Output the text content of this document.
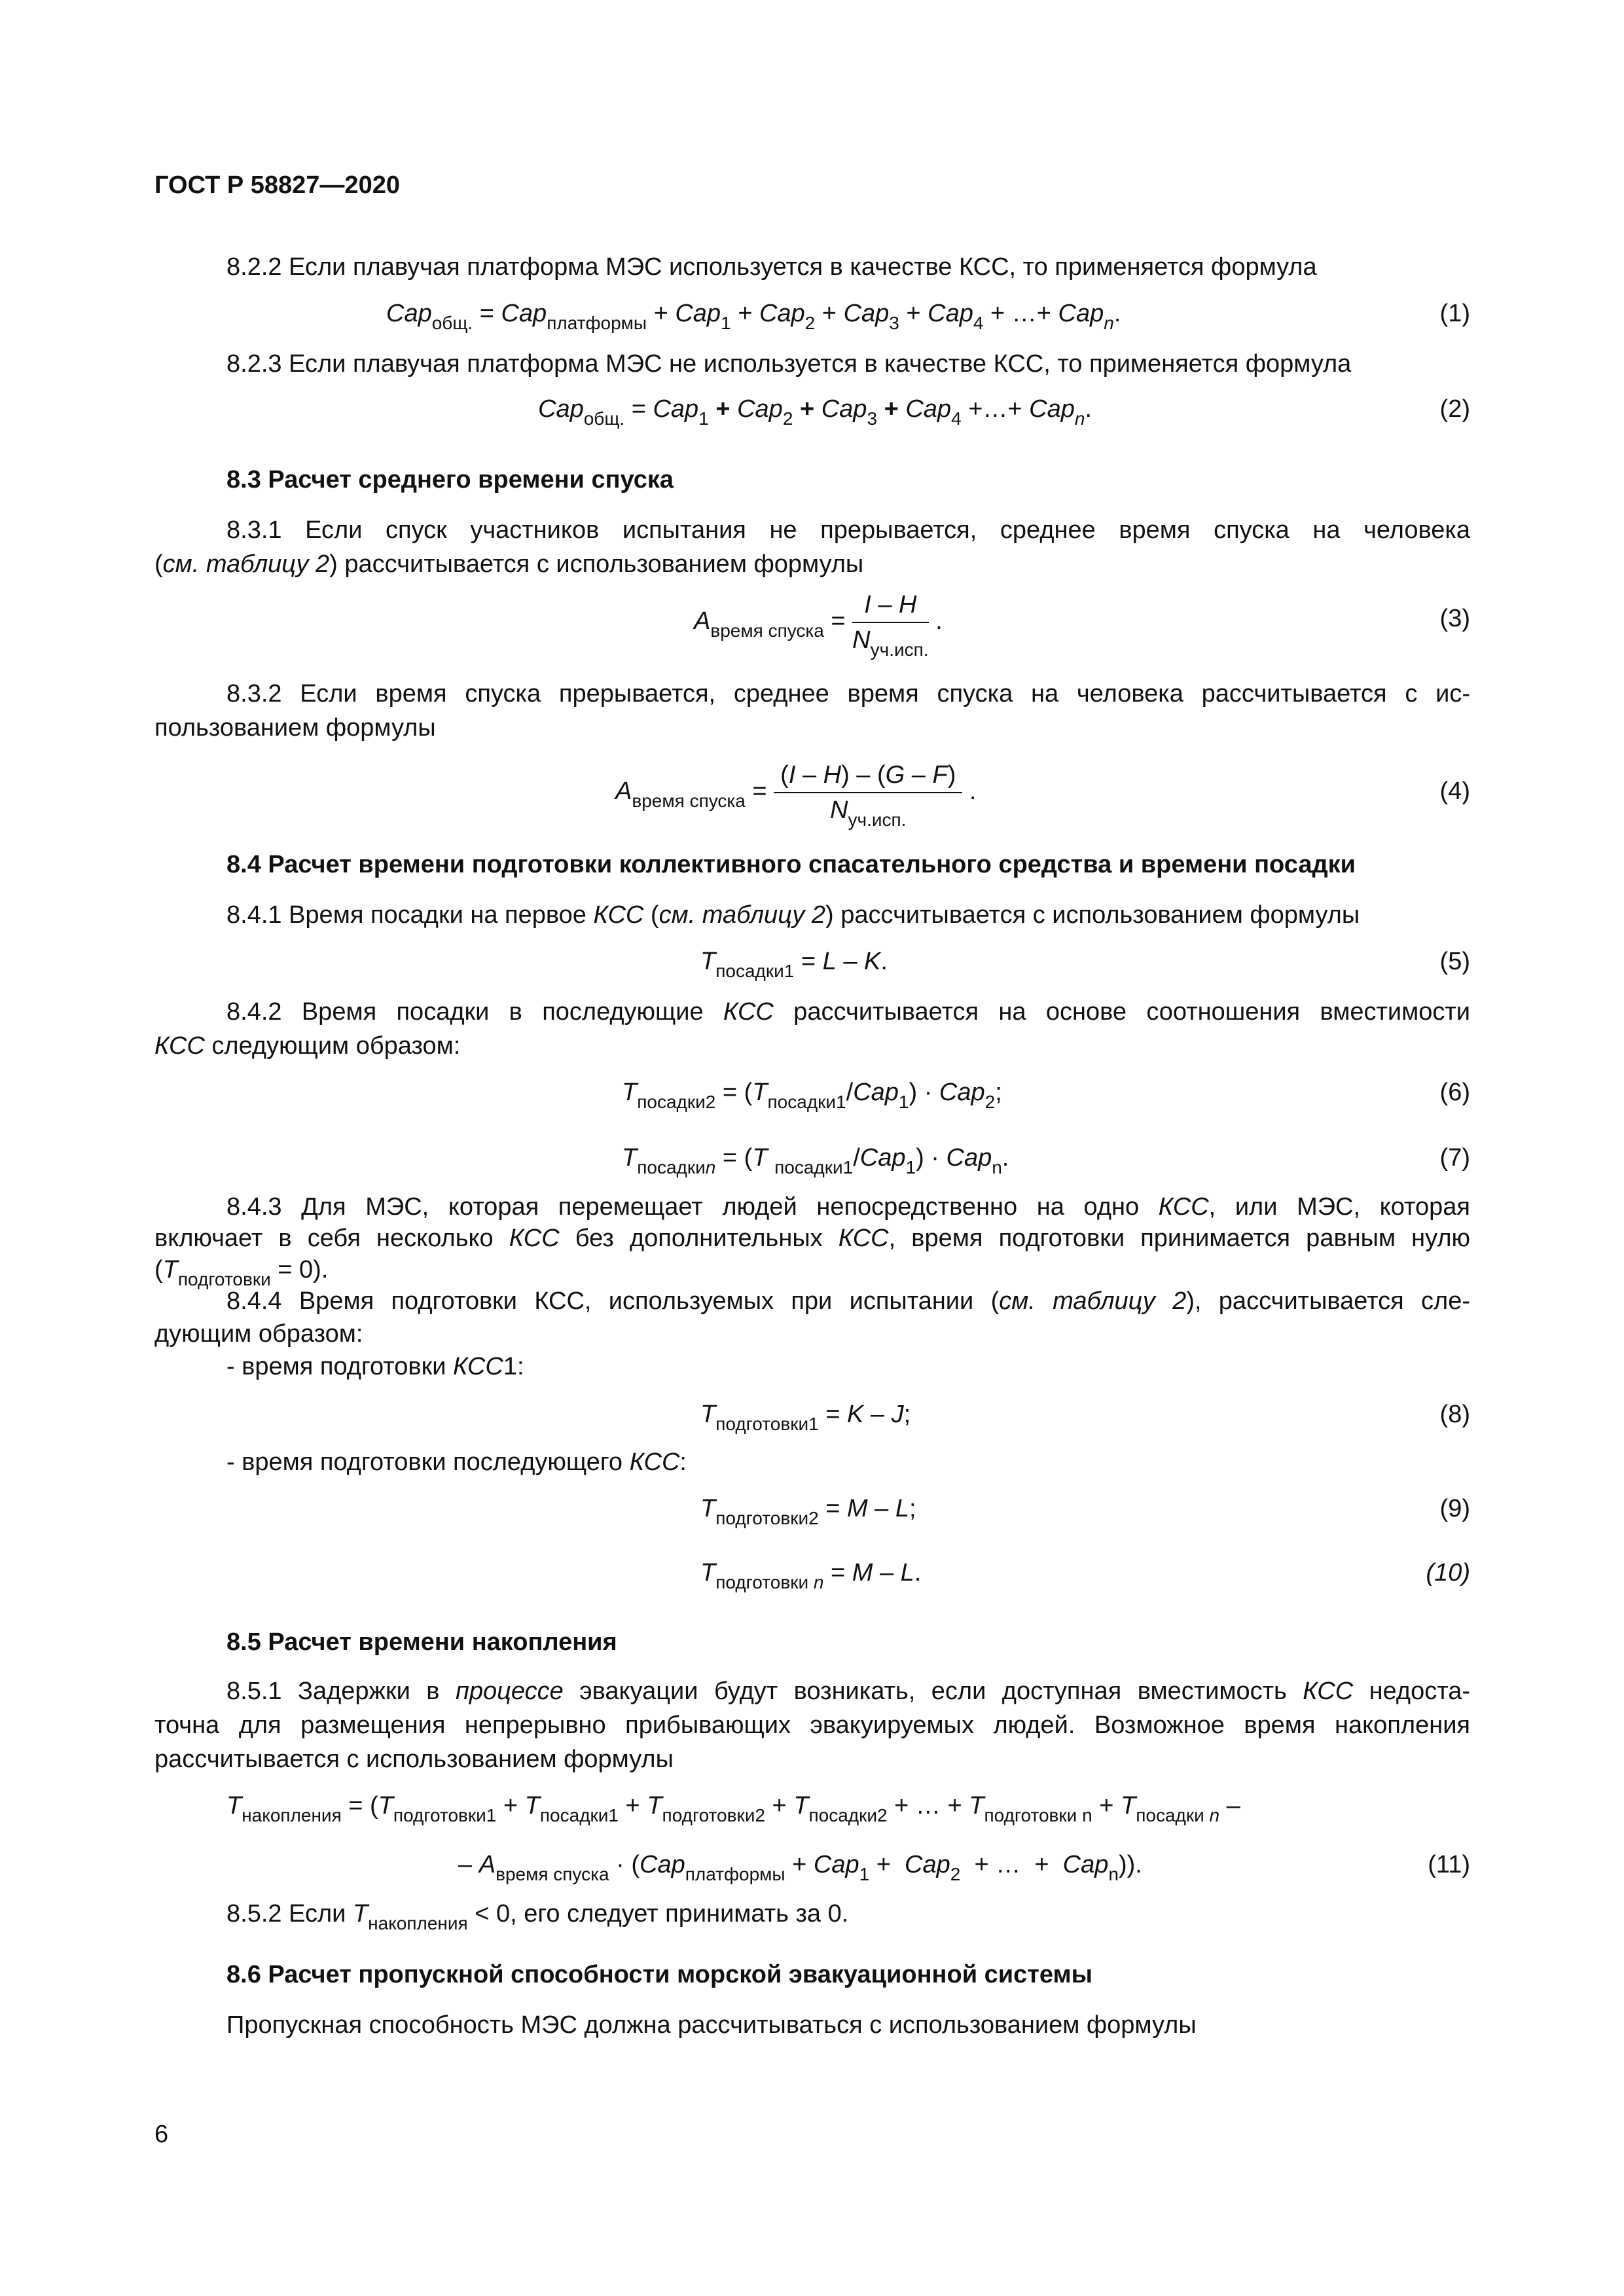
ГОСТ Р 58827—2020
8.2.2 Если плавучая платформа МЭС используется в качестве КСС, то применяется формула
Cap$_{общ.}$ = Cap$_{платформы}$ + Cap$_1$ + Cap$_2$ + Cap$_3$ + Cap$_4$ + …+ Cap$_n$.	(1)
8.2.3 Если плавучая платформа МЭС не используется в качестве КСС, то применяется формула
Cap$_{общ.}$ = Cap$_1$ + Cap$_2$ + Cap$_3$ + Cap$_4$ +…+ Cap$_n$.	(2)
8.3 Расчет среднего времени спуска
8.3.1 Если спуск участников испытания не прерывается, среднее время спуска на человека
(см. таблицу 2) рассчитывается с использованием формулы
$A_{время спуска} = \frac{I - H}{N_{уч.исп.}}$ .	(3)
8.3.2 Если время спуска прерывается, среднее время спуска на человека рассчитывается с ис-
пользованием формулы
$A_{время спуска} = \frac{(I - H) - (G - F)}{N_{уч.исп.}}$ .	(4)
8.4 Расчет времени подготовки коллективного спасательного средства и времени посадки
8.4.1 Время посадки на первое КСС (см. таблицу 2) рассчитывается с использованием формулы
$T_{посадки1} = L - K$.	(5)
8.4.2 Время посадки в последующие КСС рассчитывается на основе соотношения вместимости
КСС следующим образом:
$T_{посадки2} = (T_{посадки1}/Cap_1) \cdot Cap_2$;	(6)
$T_{посадкиn} = (T$ $_{посадки1}$/Cap$_1$) · Cap$_n$.	(7)
8.4.3 Для МЭС, которая перемещает людей непосредственно на одно КСС, или МЭС, которая
включает в себя несколько КСС без дополнительных КСС, время подготовки принимается равным нулю
$(T_{подготовки} = 0)$.
8.4.4 Время подготовки КСС, используемых при испытании (см. таблицу 2), рассчитывается сле-
дующим образом:
- время подготовки КСС1:
$T_{подготовки1} = K - J$;	(8)
- время подготовки последующего КСС:
$T_{подготовки2} = M - L$;	(9)
$T_{подготовки n} = M - L$.	(10)
8.5 Расчет времени накопления
8.5.1 Задержки в процессе эвакуации будут возникать, если доступная вместимость КСС недоста-
точна для размещения непрерывно прибывающих эвакуируемых людей. Возможное время накопления
рассчитывается с использованием формулы
$T_{накопления} = (T_{подготовки1} + T_{посадки1} + T_{подготовки2} + T_{посадки2}$ + … + $T_{подготовки n} + T_{посадки n}$ –
– $A_{время спуска} \cdot (Cap_{платформы} + Cap_1 + Cap_2$  + …  +  Cap$_n$)).	(11)
8.5.2 Если $T_{накопления} < 0$, его следует принимать за 0.
8.6 Расчет пропускной способности морской эвакуационной системы
Пропускная способность МЭС должна рассчитываться с использованием формулы
6
